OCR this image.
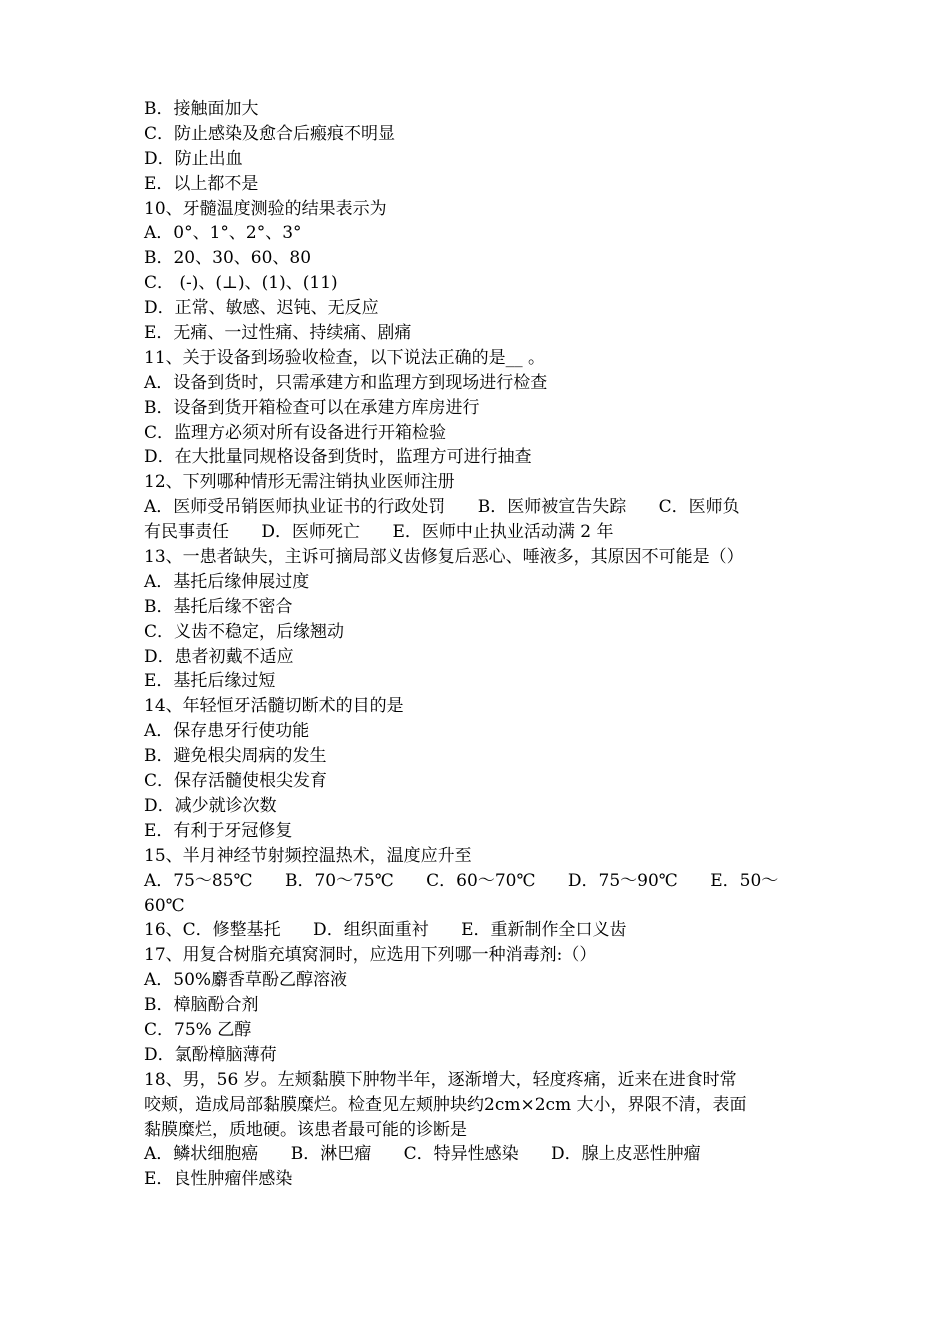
B．接触面加大
C．防止感染及愈合后瘢痕不明显
D．防止出血
E．以上都不是
10、牙髓温度测验的结果表示为
A．0°、1°、2°、3°
B．20、30、60、80
C． (-)、(⊥)、(1)、(11)
D．正常、敏感、迟钝、无反应
E．无痛、一过性痛、持续痛、剧痛
11、关于设备到场验收检查，以下说法正确的是__ 。
A．设备到货时，只需承建方和监理方到现场进行检查
B．设备到货开箱检查可以在承建方库房进行
C．监理方必须对所有设备进行开箱检验
D．在大批量同规格设备到货时，监理方可进行抽查
12、下列哪种情形无需注销执业医师注册
A．医师受吊销医师执业证书的行政处罚      B．医师被宣告失踪      C．医师负
有民事责任      D．医师死亡      E．医师中止执业活动满 2 年
13、一患者缺失，主诉可摘局部义齿修复后恶心、唾液多，其原因不可能是（）
A．基托后缘伸展过度
B．基托后缘不密合
C．义齿不稳定，后缘翘动
D．患者初戴不适应
E．基托后缘过短
14、年轻恒牙活髓切断术的目的是
A．保存患牙行使功能
B．避免根尖周病的发生
C．保存活髓使根尖发育
D．减少就诊次数
E．有利于牙冠修复
15、半月神经节射频控温热术，温度应升至
A．75～85℃      B．70～75℃      C．60～70℃      D．75～90℃      E．50～
60℃
16、C．修整基托      D．组织面重衬      E．重新制作全口义齿
17、用复合树脂充填窝洞时，应选用下列哪一种消毒剂:（）
A．50%麝香草酚乙醇溶液
B．樟脑酚合剂
C．75% 乙醇
D．氯酚樟脑薄荷
18、男，56 岁。左颊黏膜下肿物半年，逐渐增大，轻度疼痛，近来在进食时常
咬颊，造成局部黏膜糜烂。检查见左颊肿块约2cm×2cm 大小，界限不清，表面
黏膜糜烂，质地硬。该患者最可能的诊断是
A．鳞状细胞癌      B．淋巴瘤      C．特异性感染      D．腺上皮恶性肿瘤
E．良性肿瘤伴感染
